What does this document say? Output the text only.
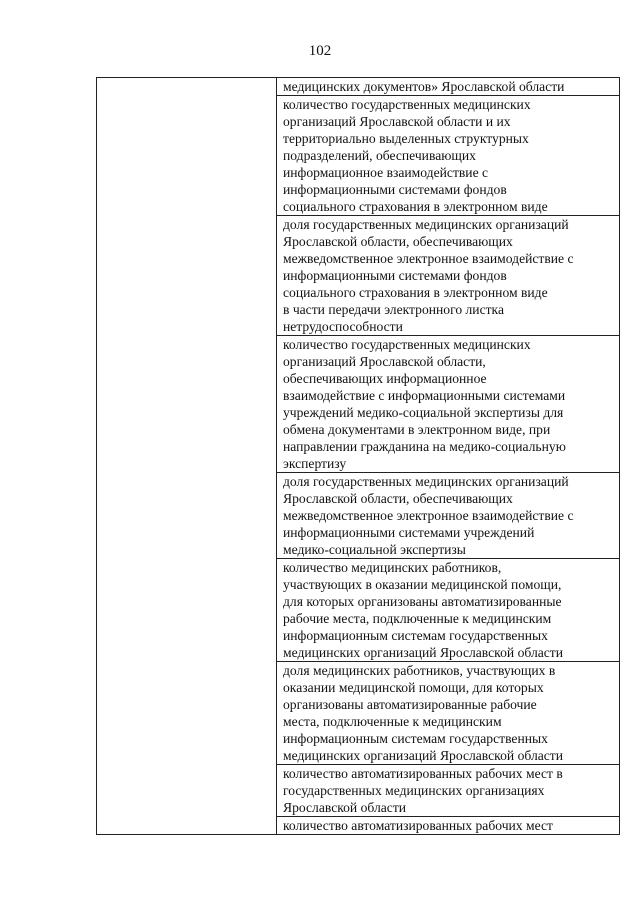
102

медицинских документов» Ярославской области

количество государственных медицинских
организаций Ярославской области и их
территориально выделенных структурных
подразделений, обеспечивающих
информационное взаимодействие с
информационными системами фондов
социального страхования в электронном виде

доля государственных медицинских организаций
Ярославской области, обеспечивающих
межведомственное электронное взаимодействие с
информационными системами фондов
социального страхования в электронном виде
в части передачи электронного листка
нетрудоспособности

количество государственных медицинских
организаций Ярославской области,
обеспечивающих информационное
взаимодействие с информационными системами
учреждений медико-социальной экспертизы для
обмена документами в электронном виде, при
направлении гражданина на медико-социальную
экспертизу

доля государственных медицинских организаций
Ярославской области, обеспечивающих
межведомственное электронное взаимодействие с
информационными системами учреждений
медико-социальной экспертизы

количество медицинских работников,
участвующих в оказании медицинской помощи,
для которых организованы автоматизированные
рабочие места, подключенные к медицинским
информационным системам государственных
медицинских организаций Ярославской области

доля медицинских работников, участвующих в
оказании медицинской помощи, для которых
организованы автоматизированные рабочие
места, подключенные к медицинским
информационным системам государственных
медицинских организаций Ярославской области

количество автоматизированных рабочих мест в
государственных медицинских организациях
Ярославской области

количество автоматизированных рабочих мест
